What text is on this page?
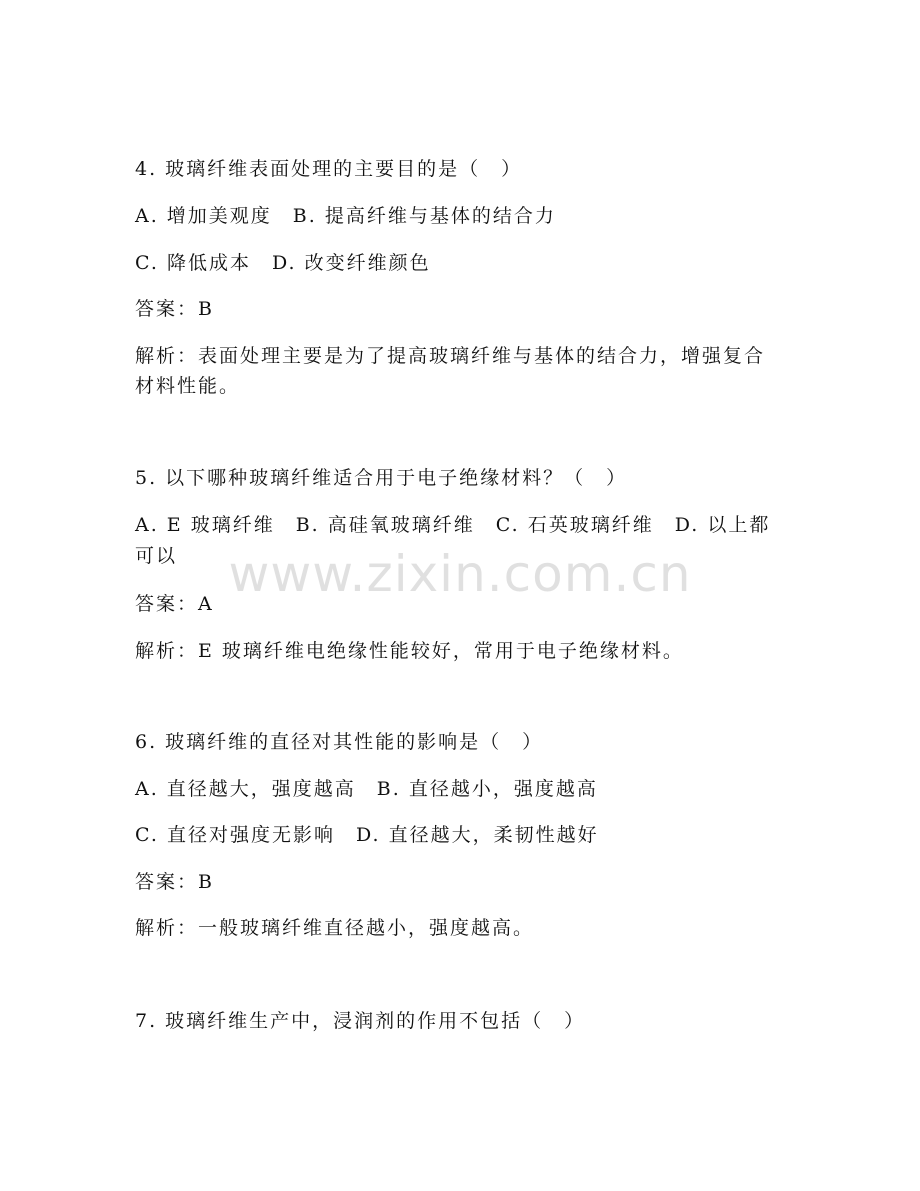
4. 玻璃纤维表面处理的主要目的是（　）

A. 增加美观度　B. 提高纤维与基体的结合力

C. 降低成本　D. 改变纤维颜色

答案：B

解析：表面处理主要是为了提高玻璃纤维与基体的结合力，增强复合

材料性能。

5. 以下哪种玻璃纤维适合用于电子绝缘材料？（　）

A. E 玻璃纤维　B. 高硅氧玻璃纤维　C. 石英玻璃纤维　D. 以上都

可以

答案：A

解析：E 玻璃纤维电绝缘性能较好，常用于电子绝缘材料。

6. 玻璃纤维的直径对其性能的影响是（　）

A. 直径越大，强度越高　B. 直径越小，强度越高

C. 直径对强度无影响　D. 直径越大，柔韧性越好

答案：B

解析：一般玻璃纤维直径越小，强度越高。

7. 玻璃纤维生产中，浸润剂的作用不包括（　）

www.zixin.com.cn
